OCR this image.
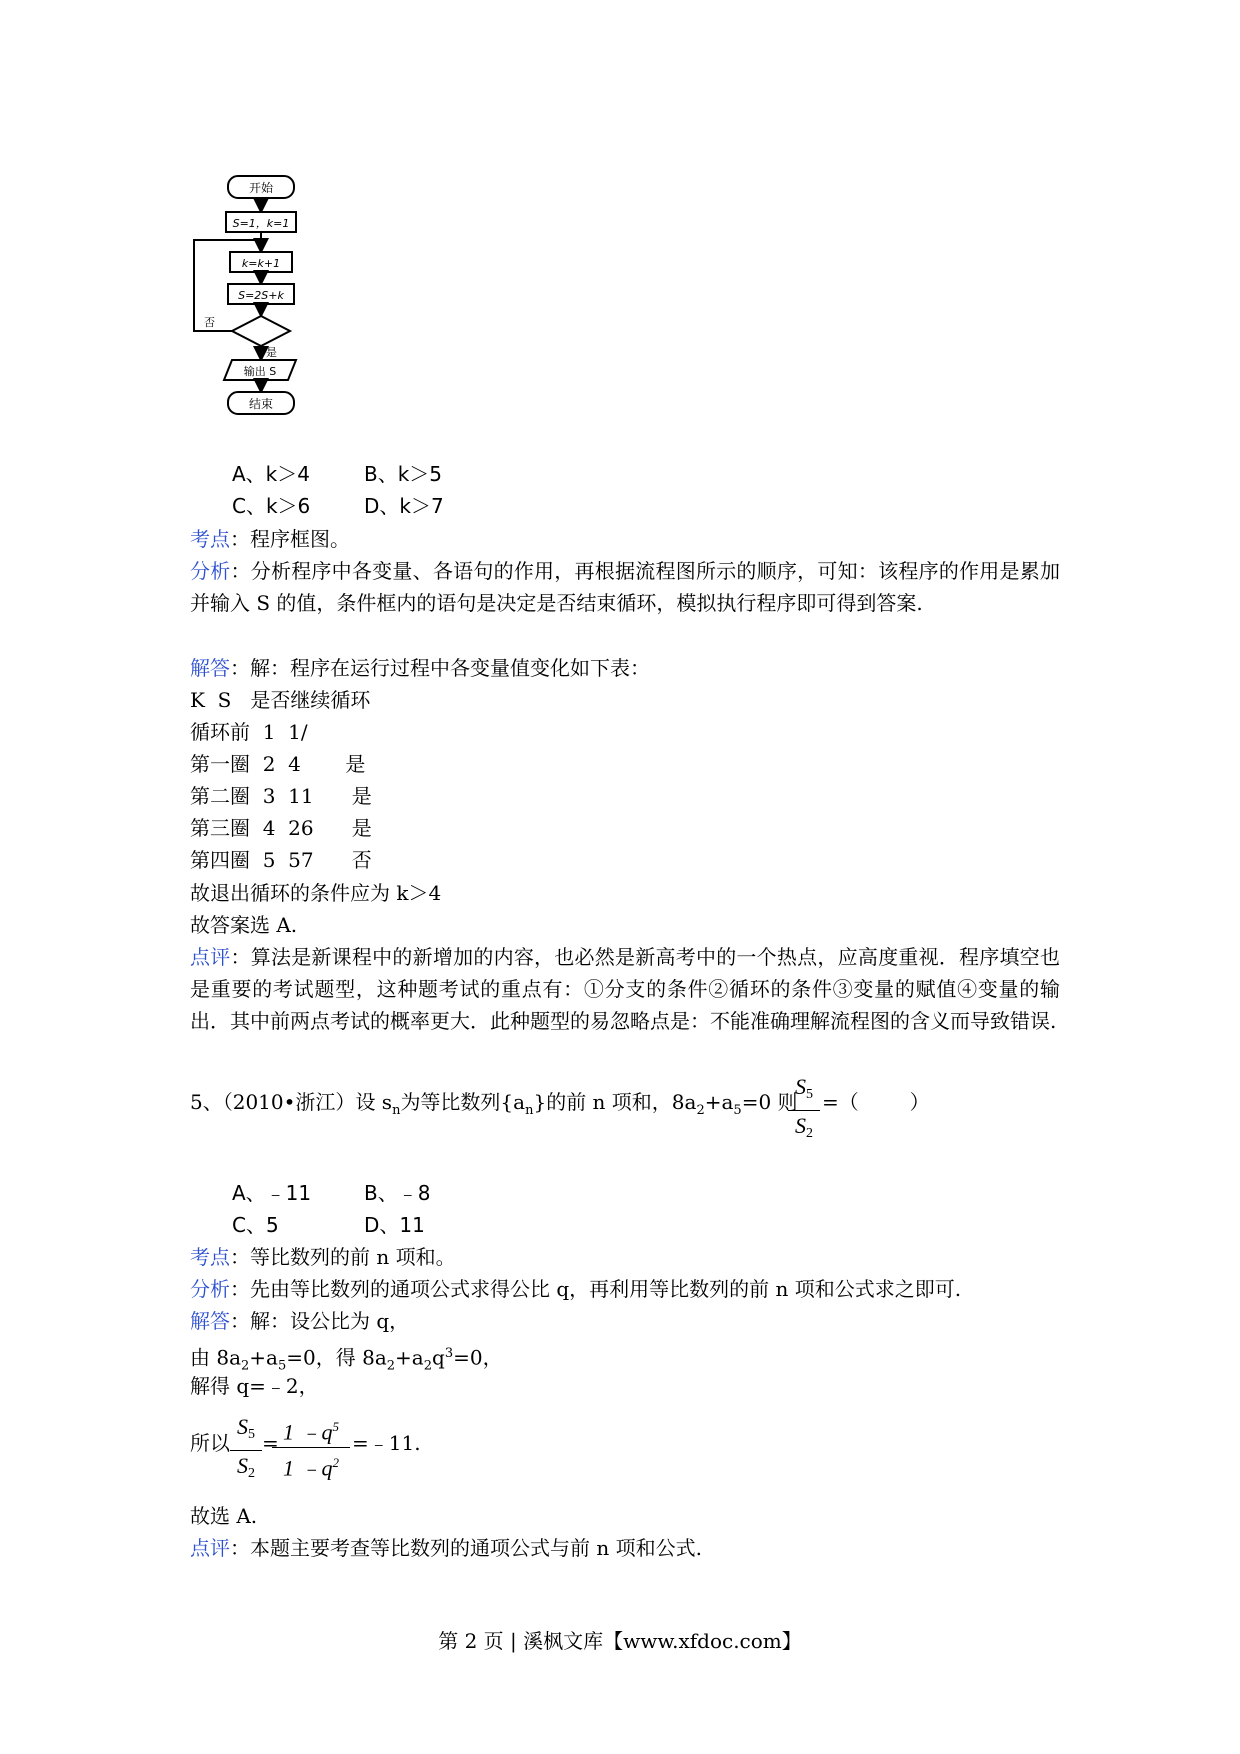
开始
S=1，k=1
k=k+1
S=2S+k
否
是
输出 S
结束
A、k＞4	B、k＞5
C、k＞6	D、k＞7
考点：程序框图。
分析：分析程序中各变量、各语句的作用，再根据流程图所示的顺序，可知：该程序的作用是累加并输入 S 的值，条件框内的语句是决定是否结束循环，模拟执行程序即可得到答案.
解答：解：程序在运行过程中各变量值变化如下表：
K  S   是否继续循环
循环前  1  1/
第一圈  2  4       是
第二圈  3  11      是
第三圈  4  26      是
第四圈  5  57      否
故退出循环的条件应为 k＞4
故答案选 A.
点评：算法是新课程中的新增加的内容，也必然是新高考中的一个热点，应高度重视．程序填空也是重要的考试题型，这种题考试的重点有：①分支的条件②循环的条件③变量的赋值④变量的输出．其中前两点考试的概率更大．此种题型的易忽略点是：不能准确理解流程图的含义而导致错误.
5、（2010•浙江）设 $s_n$为等比数列$\{a_n\}$的前 n 项和，$8a_2+a_5=0$ 则
$S_5$
$S_2$
=（        ）
A、﹣11	B、﹣8
C、5	D、11
考点：等比数列的前 n 项和。
分析：先由等比数列的通项公式求得公比 q，再利用等比数列的前 n 项和公式求之即可.
解答：解：设公比为 q，
由 $8a_2+a_5=0$，得 $8a_2+a_2q^3=0$，
解得 q=﹣2，
所以
$S_5$
$S_2$
= 1 $﹣q^5$
1 $﹣q^2$
=﹣11.
故选 A.
点评：本题主要考查等比数列的通项公式与前 n 项和公式.
第 2 页 | 溪枫文库【www.xfdoc.com】
